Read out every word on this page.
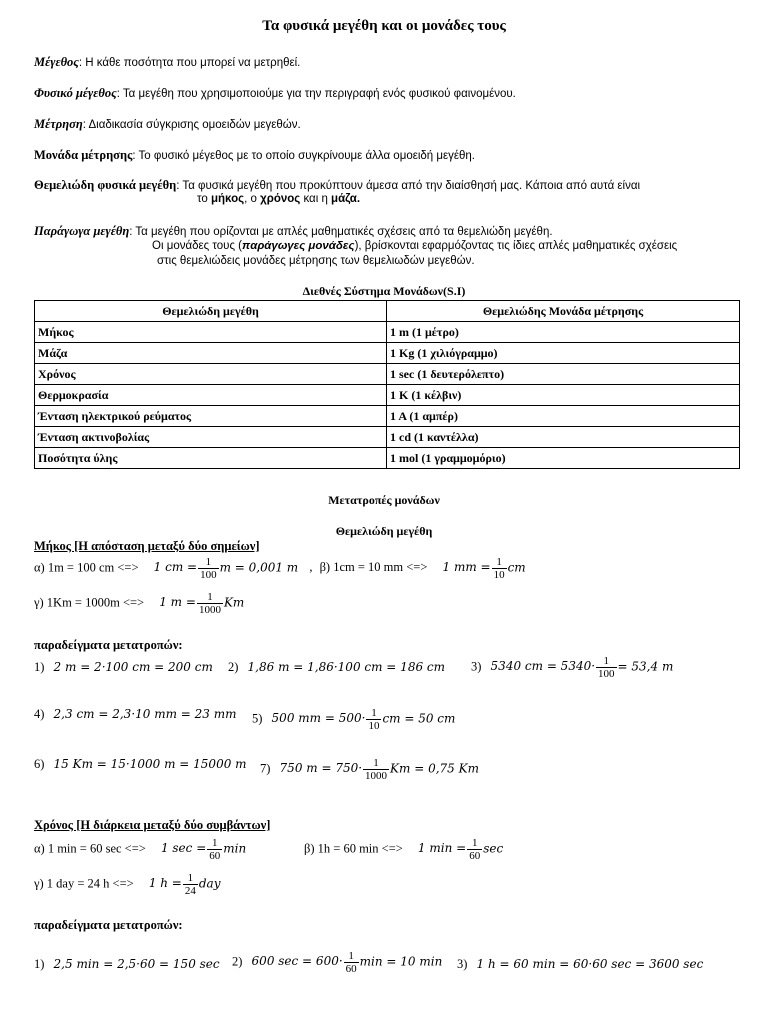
Τα φυσικά μεγέθη και οι μονάδες τους
Μέγεθος: Η κάθε ποσότητα που μπορεί να μετρηθεί.
Φυσικό μέγεθος: Τα μεγέθη που χρησιμοποιούμε για την περιγραφή ενός φυσικού φαινομένου.
Μέτρηση: Διαδικασία σύγκρισης ομοειδών μεγεθών.
Μονάδα μέτρησης: Το φυσικό μέγεθος με το οποίο συγκρίνουμε άλλα ομοειδή μεγέθη.
Θεμελιώδη φυσικά μεγέθη: Τα φυσικά μεγέθη που προκύπτουν άμεσα από την διαίσθησή μας. Κάποια από αυτά είναι
το μήκος, ο χρόνος και η μάζα.
Παράγωγα μεγέθη: Τα μεγέθη που ορίζονται με απλές μαθηματικές σχέσεις από τα θεμελιώδη μεγέθη.
Οι μονάδες τους (παράγωγες μονάδες), βρίσκονται εφαρμόζοντας τις ίδιες απλές μαθηματικές σχέσεις
στις θεμελιώδεις μονάδες μέτρησης των θεμελιωδών μεγεθών.
Διεθνές Σύστημα Μονάδων(S.I)
Θεμελιώδη μεγέθη	Θεμελιώδης Μονάδα μέτρησης
Μήκος	1 m (1 μέτρο)
Μάζα	1 Kg (1 χιλιόγραμμο)
Χρόνος	1 sec (1 δευτερόλεπτο)
Θερμοκρασία	1 K (1 κέλβιν)
Ένταση ηλεκτρικού ρεύματος	1 A (1 αμπέρ)
Ένταση ακτινοβολίας	1 cd (1 καντέλλα)
Ποσότητα ύλης	1 mol (1 γραμμομόριο)
Μετατροπές μονάδων
Θεμελιώδη μεγέθη
Μήκος [Η απόσταση μεταξύ δύο σημείων]
α) 1m = 100 cm <=> 1 cm = $\frac{1}{100}$ m = 0,001 m , β) 1cm = 10 mm <=> 1 mm = $\frac{1}{10}$ cm
γ) 1Km = 1000m <=> 1 $m = \frac{1}{1000}$ Km
παραδείγματα μετατροπών:
1) 2 m = 2·100 cm = 200 cm 2) 1,86 m = 1,86·100 cm = 186 cm 3) 5340 cm = $5340\cdot \frac{1}{100} = 53,4$ m
4) 2,3 cm = 2,3·10 mm = 23 mm 5) 500 mm = $500\cdot \frac{1}{10}$ cm = 50 cm
6) 15 Km = 15·1000 m = 15000 m 7) 750 $m = 750\cdot \frac{1}{1000}$ Km = 0,75 Km
Χρόνος [Η διάρκεια μεταξύ δύο συμβάντων]
α) 1 min = 60 sec <=> 1 $\sec = \frac{1}{60}$ min	β) 1h = 60 min <=> 1 $\min = \frac{1}{60}$ sec
γ) 1 day = 24 h <=> 1 $h = \frac{1}{24}$ day
παραδείγματα μετατροπών:
1) 2,5 min = 2,5·60 = 150 sec 2) 600 $\sec = 600\cdot \frac{1}{60}$ min = 10 min 3) 1 h = 60 min = 60·60 sec = 3600 sec
